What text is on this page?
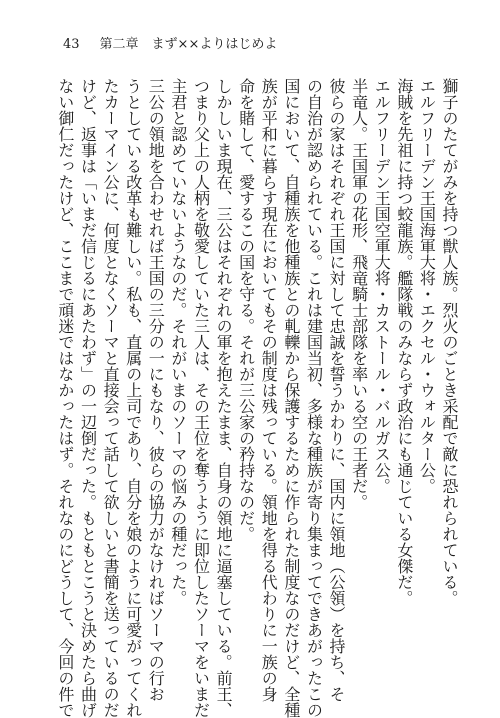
43 第二章　まず××よりはじめよ
獅子のたてがみを持つ獣人族。烈火のごとき采配で敵に恐れられている。
エルフリーデン王国海軍大将・エクセル・ウォルター公。
海賊を先祖に持つ蛟龍族。艦隊戦のみならず政治にも通じている女傑だ。
エルフリーデン王国空軍大将・カストール・バルガス公。
半竜人。王国軍の花形、飛竜騎士部隊を率いる空の王者だ。
彼らの家はそれぞれ王国に対して忠誠を誓うかわりに、国内に領地（公領）を持ち、そ
の自治が認められている。これは建国当初、多様な種族が寄り集まってできあがったこの
国において、自種族を他種族との軋轢から保護するために作られた制度なのだけど、全種
族が平和に暮らす現在においてもその制度は残っている。領地を得る代わりに一族の身
命を賭して、愛するこの国を守る。それが三公家の矜持なのだ。
しかしいま現在、三公はそれぞれの軍を抱えたまま、自身の領地に逼塞している。前王、
つまり父上の人柄を敬愛していた三人は、その王位を奪うように即位したソーマをいまだ
主君と認めていないようなのだ。それがいまのソーマの悩みの種だった。
三公の領地を合わせれば王国の三分の一にもなり、彼らの協力がなければソーマの行お
うとしている改革も難しい。私も、直属の上司であり、自分を娘のように可愛がってくれ
たカーマイン公に、何度となくソーマと直接会って話して欲しいと書簡を送っているのだ
けど、返事は「いまだ信じるにあたわず」の一辺倒だった。もともとこうと決めたら曲げ
ない御仁だったけど、ここまで頑迷ではなかったはず。それなのにどうして、今回の件で
